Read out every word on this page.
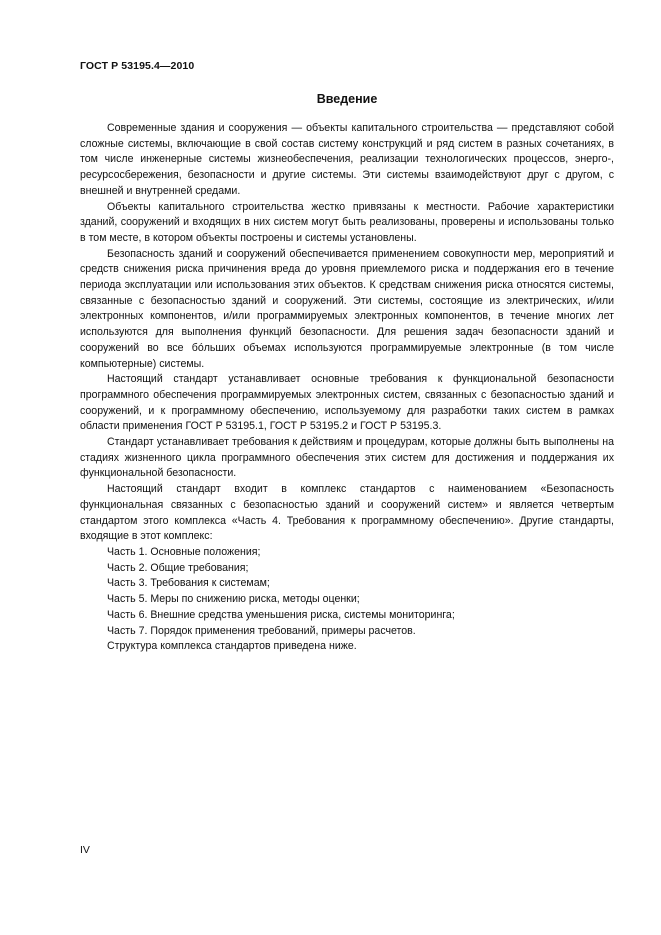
ГОСТ Р 53195.4—2010
Введение

Современные здания и сооружения — объекты капитального строительства — представляют собой сложные системы, включающие в свой состав систему конструкций и ряд систем в разных сочетаниях, в том числе инженерные системы жизнеобеспечения, реализации технологических процессов, энерго-, ресурсосбережения, безопасности и другие системы. Эти системы взаимодействуют друг с другом, с внешней и внутренней средами.

Объекты капитального строительства жестко привязаны к местности. Рабочие характеристики зданий, сооружений и входящих в них систем могут быть реализованы, проверены и использованы только в том месте, в котором объекты построены и системы установлены.

Безопасность зданий и сооружений обеспечивается применением совокупности мер, мероприятий и средств снижения риска причинения вреда до уровня приемлемого риска и поддержания его в течение периода эксплуатации или использования этих объектов. К средствам снижения риска относятся системы, связанные с безопасностью зданий и сооружений. Эти системы, состоящие из электрических, и/или электронных компонентов, и/или программируемых электронных компонентов, в течение многих лет используются для выполнения функций безопасности. Для решения задач безопасности зданий и сооружений во все бо́льших объемах используются программируемые электронные (в том числе компьютерные) системы.

Настоящий стандарт устанавливает основные требования к функциональной безопасности программного обеспечения программируемых электронных систем, связанных с безопасностью зданий и сооружений, и к программному обеспечению, используемому для разработки таких систем в рамках области применения ГОСТ Р 53195.1, ГОСТ Р 53195.2 и ГОСТ Р 53195.3.

Стандарт устанавливает требования к действиям и процедурам, которые должны быть выполнены на стадиях жизненного цикла программного обеспечения этих систем для достижения и поддержания их функциональной безопасности.

Настоящий стандарт входит в комплекс стандартов с наименованием «Безопасность функциональная связанных с безопасностью зданий и сооружений систем» и является четвертым стандартом этого комплекса «Часть 4. Требования к программному обеспечению». Другие стандарты, входящие в этот комплекс:

Часть 1. Основные положения;
Часть 2. Общие требования;
Часть 3. Требования к системам;
Часть 5. Меры по снижению риска, методы оценки;
Часть 6. Внешние средства уменьшения риска, системы мониторинга;
Часть 7. Порядок применения требований, примеры расчетов.

Структура комплекса стандартов приведена ниже.

IV
